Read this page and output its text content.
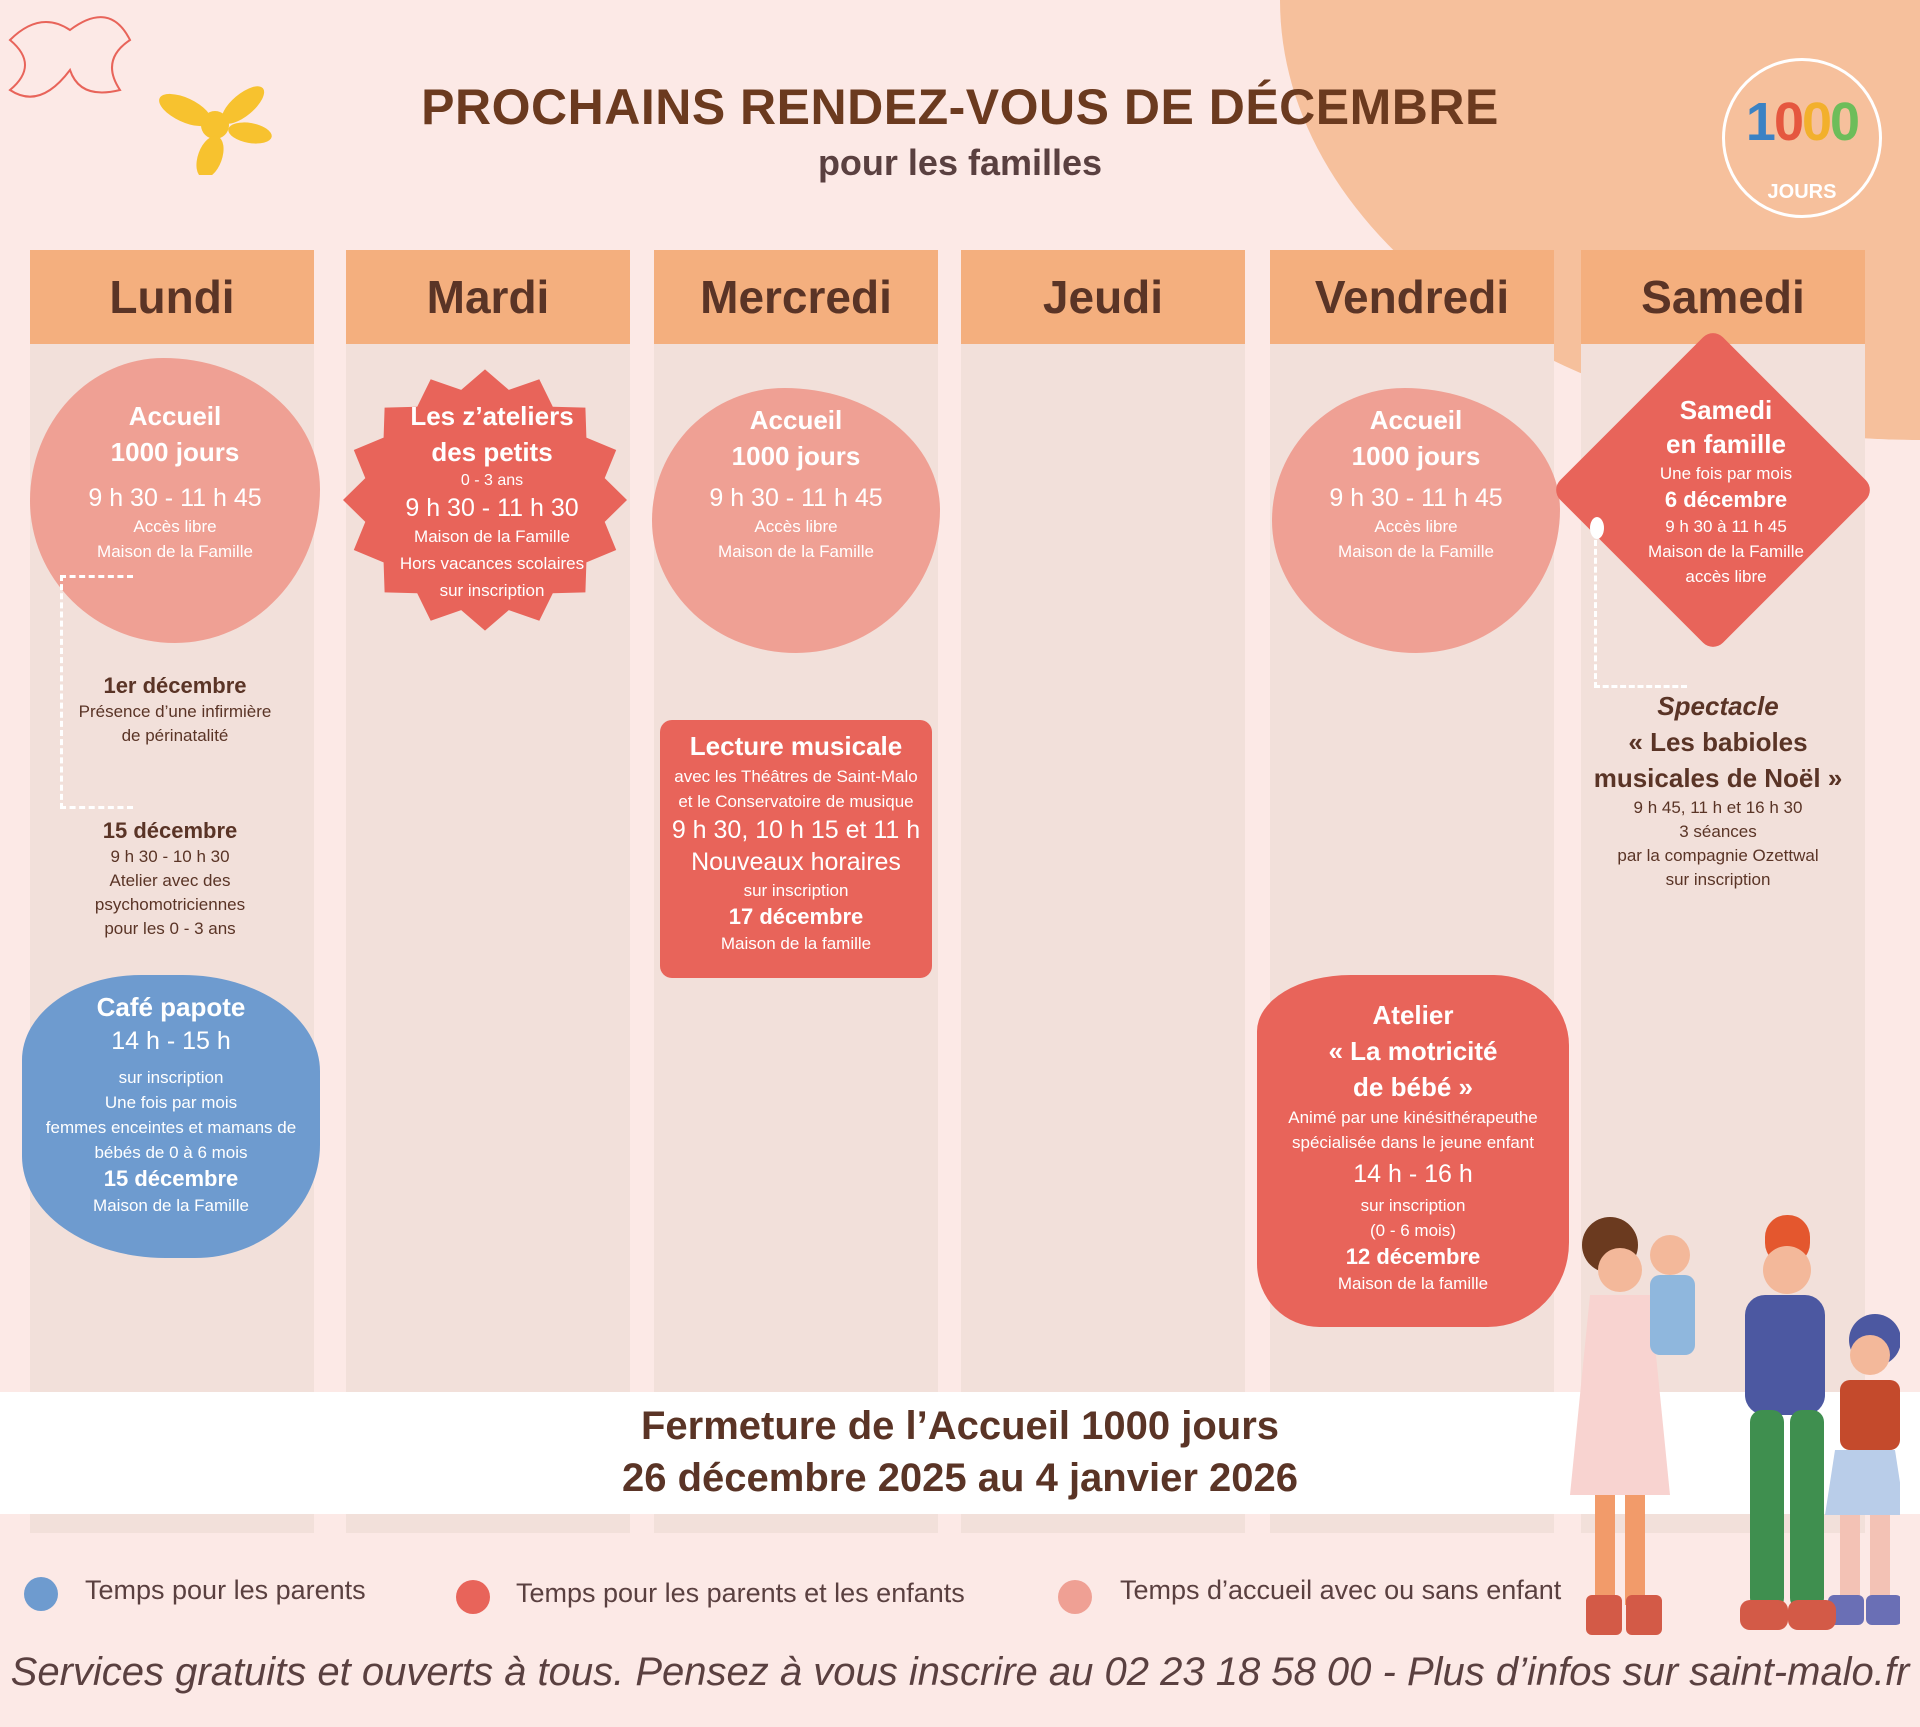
PROCHAINS RENDEZ-VOUS DE DÉCEMBRE
pour les familles
1000
JOURS
Lundi	Mardi	Mercredi	Jeudi	Vendredi	Samedi
Accueil
1000 jours
9 h 30 - 11 h 45
Accès libre
Maison de la Famille
1er décembre
Présence d’une infirmière
de périnatalité
15 décembre
9 h 30 - 10 h 30
Atelier avec des
psychomotriciennes
pour les 0 - 3 ans
Café papote
14 h - 15 h
sur inscription
Une fois par mois
femmes enceintes et mamans de
bébés de 0 à 6 mois
15 décembre
Maison de la Famille
Les z’ateliers
des petits
0 - 3 ans
9 h 30 - 11 h 30
Maison de la Famille
Hors vacances scolaires
sur inscription
Accueil
1000 jours
9 h 30 - 11 h 45
Accès libre
Maison de la Famille
Lecture musicale
avec les Théâtres de Saint-Malo
et le Conservatoire de musique
9 h 30, 10 h 15 et 11 h
Nouveaux horaires
sur inscription
17 décembre
Maison de la famille
Accueil
1000 jours
9 h 30 - 11 h 45
Accès libre
Maison de la Famille
Atelier
« La motricité
de bébé »
Animé par une kinésithérapeuthe
spécialisée dans le jeune enfant
14 h - 16 h
sur inscription
(0 - 6 mois)
12 décembre
Maison de la famille
Samedi
en famille
Une fois par mois
6 décembre
9 h 30 à 11 h 45
Maison de la Famille
accès libre
Spectacle
« Les babioles
musicales de Noël »
9 h 45, 11 h et 16 h 30
3 séances
par la compagnie Ozettwal
sur inscription
Fermeture de l’Accueil 1000 jours
26 décembre 2025 au 4 janvier 2026
Temps pour les parents	Temps pour les parents et les enfants	Temps d’accueil avec ou sans enfant
Services gratuits et ouverts à tous. Pensez à vous inscrire au 02 23 18 58 00 - Plus d’infos sur saint-malo.fr
